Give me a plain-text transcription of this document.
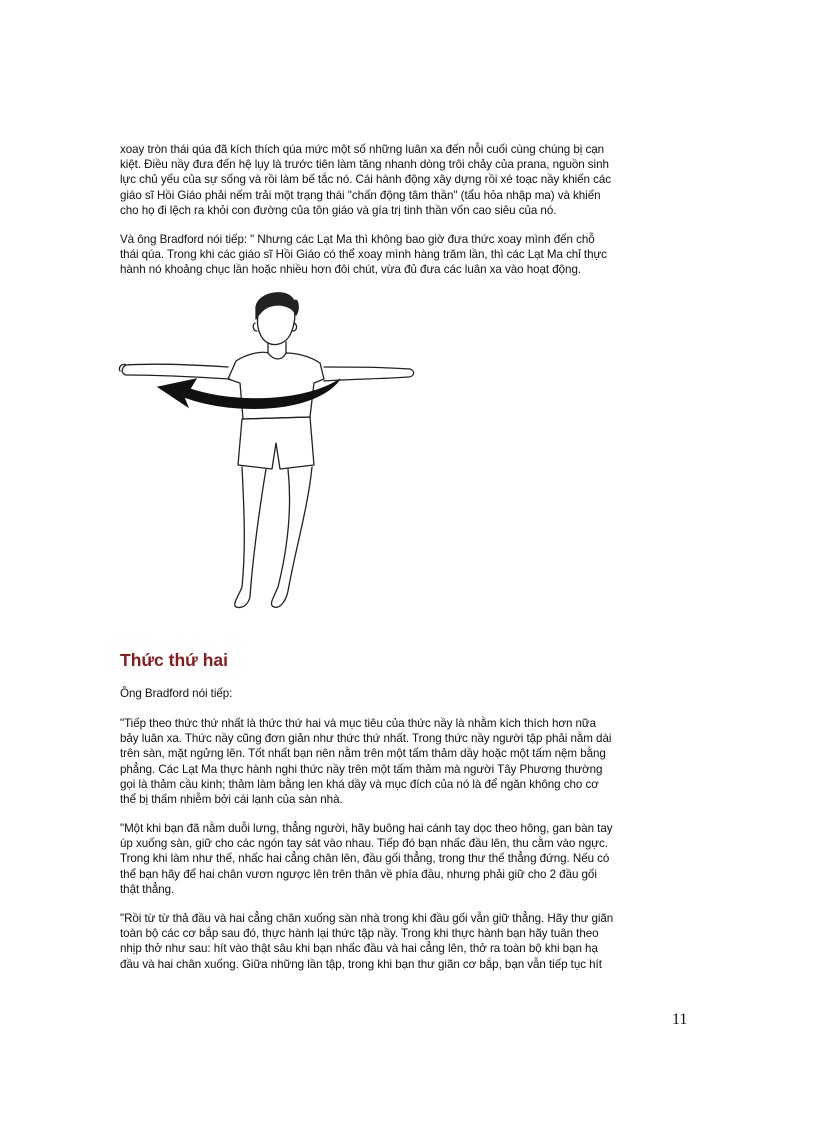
xoay tròn thái qúa đã kích thích qúa mức một số những luân xa đến nỗi cuối cùng chúng bị cạn
kiệt. Điều nầy đưa đến hệ lụy là trước tiên làm tăng nhanh dòng trôi chảy của prana, nguồn sinh
lực chủ yếu của sự sống và rồi làm bế tắc nó. Cái hành động xây dựng rồi xé toạc nầy khiến các
giáo sĩ Hồi Giáo phải nếm trải một trạng thái "chấn động tâm thần" (tẩu hỏa nhập ma) và khiến
cho họ đi lệch ra khỏi con đường của tôn giáo và gía trị tinh thần vốn cao siêu của nó.

Và ông Bradford nói tiếp: " Nhưng các Lạt Ma thì không bao giờ đưa thức xoay mình đến chỗ
thái qúa. Trong khi các giáo sĩ Hồi Giáo có thể xoay mình hàng trăm lần, thì các Lạt Ma chỉ thực
hành nó khoảng chục lần hoặc nhiều hơn đôi chút, vừa đủ đưa các luân xa vào hoạt động.

Thức thứ hai

Ông Bradford nói tiếp:

"Tiếp theo thức thứ nhất là thức thứ hai và mục tiêu của thức nầy là nhằm kích thích hơn nữa
bảy luân xa. Thức nầy cũng đơn giản như thức thứ nhất. Trong thức nầy người tập phải nằm dài
trên sàn, mặt ngửng lên. Tốt nhất bạn nên nằm trên một tấm thảm dầy hoặc một tấm nệm bằng
phẳng. Các Lạt Ma thực hành nghi thức nầy trên một tấm thảm mà người Tây Phương thường
gọi là thảm cầu kinh; thảm làm bằng len khá dầy và mục đích của nó là để ngăn không cho cơ
thể bị thấm nhiễm bởi cái lạnh của sàn nhà.

"Một khi bạn đã nằm duỗi lưng, thẳng người, hãy buông hai cánh tay dọc theo hông, gan bàn tay
úp xuống sàn, giữ cho các ngón tay sát vào nhau. Tiếp đó bạn nhấc đầu lên, thu cằm vào ngực.
Trong khi làm như thế, nhấc hai cẳng chân lên, đầu gối thẳng, trong thư thế thẳng đứng. Nếu có
thể bạn hãy để hai chân vươn ngược lên trên thân về phía đầu, nhưng phải giữ cho 2 đầu gối
thật thẳng.

"Rồi từ từ thả đầu và hai cẳng chân xuống sàn nhà trong khi đầu gối vẫn giữ thẳng. Hãy thư giãn
toàn bộ các cơ bắp sau đó, thực hành lại thức tập nầy. Trong khi thực hành bạn hãy tuân theo
nhịp thở như sau: hít vào thật sâu khi bạn nhấc đầu và hai cẳng lên, thở ra toàn bộ khi bạn hạ
đầu và hai chân xuống. Giữa những lần tập, trong khi bạn thư giãn cơ bắp, bạn vẫn tiếp tục hít

11
